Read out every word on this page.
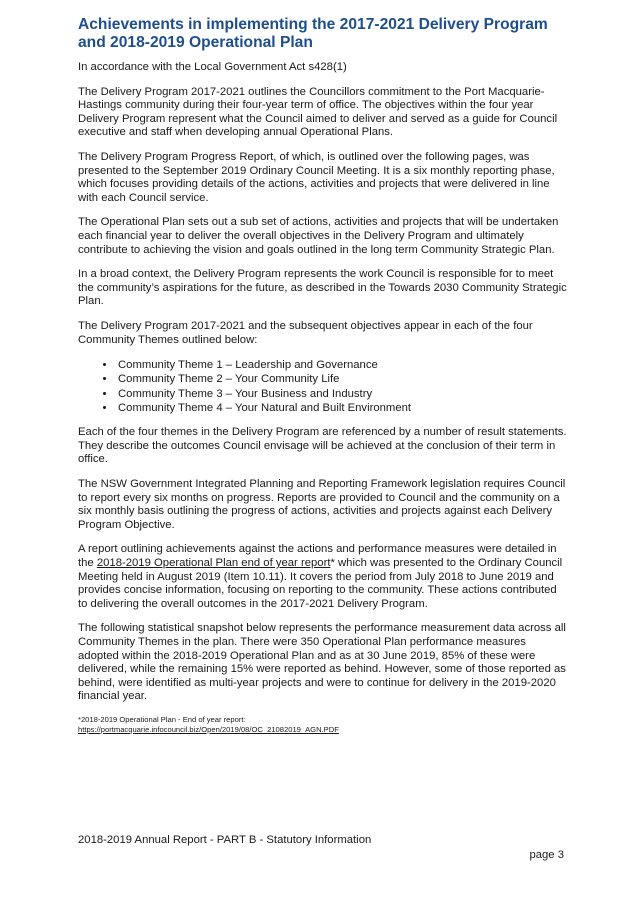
Achievements in implementing the 2017-2021 Delivery Program and 2018-2019 Operational Plan

In accordance with the Local Government Act s428(1)

The Delivery Program 2017-2021 outlines the Councillors commitment to the Port Macquarie-Hastings community during their four-year term of office. The objectives within the four year Delivery Program represent what the Council aimed to deliver and served as a guide for Council executive and staff when developing annual Operational Plans.

The Delivery Program Progress Report, of which, is outlined over the following pages, was presented to the September 2019 Ordinary Council Meeting. It is a six monthly reporting phase, which focuses providing details of the actions, activities and projects that were delivered in line with each Council service.

The Operational Plan sets out a sub set of actions, activities and projects that will be undertaken each financial year to deliver the overall objectives in the Delivery Program and ultimately contribute to achieving the vision and goals outlined in the long term Community Strategic Plan.

In a broad context, the Delivery Program represents the work Council is responsible for to meet the community’s aspirations for the future, as described in the Towards 2030 Community Strategic Plan.

The Delivery Program 2017-2021 and the subsequent objectives appear in each of the four Community Themes outlined below:

• Community Theme 1 – Leadership and Governance
• Community Theme 2 – Your Community Life
• Community Theme 3 – Your Business and Industry
• Community Theme 4 – Your Natural and Built Environment

Each of the four themes in the Delivery Program are referenced by a number of result statements. They describe the outcomes Council envisage will be achieved at the conclusion of their term in office.

The NSW Government Integrated Planning and Reporting Framework legislation requires Council to report every six months on progress. Reports are provided to Council and the community on a six monthly basis outlining the progress of actions, activities and projects against each Delivery Program Objective.

A report outlining achievements against the actions and performance measures were detailed in the 2018-2019 Operational Plan end of year report* which was presented to the Ordinary Council Meeting held in August 2019 (Item 10.11). It covers the period from July 2018 to June 2019 and provides concise information, focusing on reporting to the community. These actions contributed to delivering the overall outcomes in the 2017-2021 Delivery Program.

The following statistical snapshot below represents the performance measurement data across all Community Themes in the plan. There were 350 Operational Plan performance measures adopted within the 2018-2019 Operational Plan and as at 30 June 2019, 85% of these were delivered, while the remaining 15% were reported as behind. However, some of those reported as behind, were identified as multi-year projects and were to continue for delivery in the 2019-2020 financial year.

*2018-2019 Operational Plan - End of year report:

https://portmacquarie.infocouncil.biz/Open/2019/08/OC_21082019_AGN.PDF

2018-2019 Annual Report - PART B - Statutory Information
page 3
